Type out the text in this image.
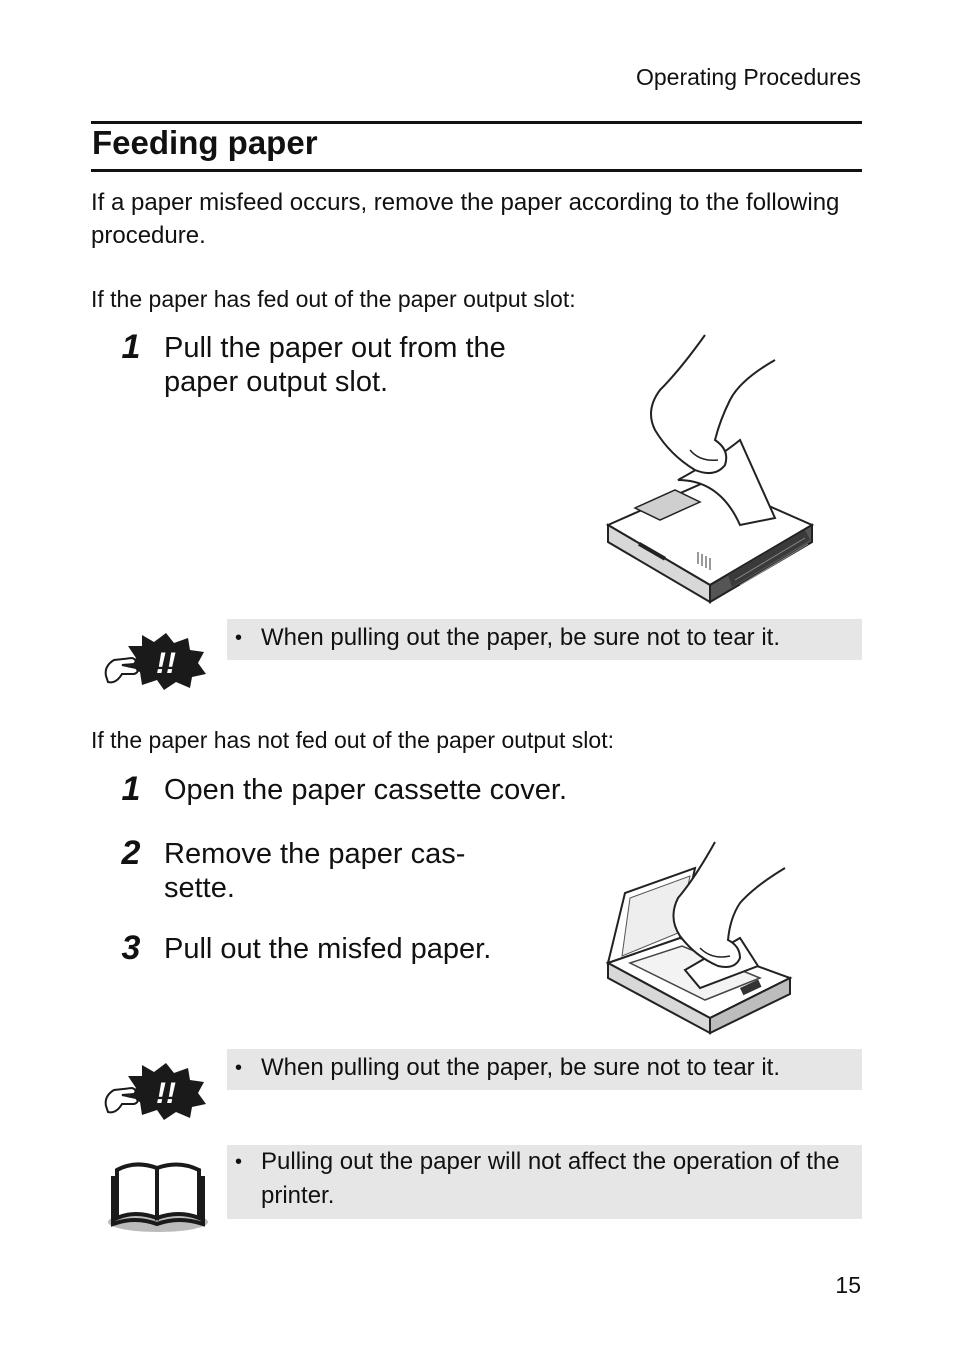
Operating Procedures
Feeding paper
If a paper misfeed occurs, remove the paper according to the following procedure.
If the paper has fed out of the paper output slot:
1 Pull the paper out from the paper output slot.
!!
• When pulling out the paper, be sure not to tear it.
If the paper has not fed out of the paper output slot:
1 Open the paper cassette cover.
2 Remove the paper cas-sette.
3 Pull out the misfed paper.
!!
• When pulling out the paper, be sure not to tear it.
• Pulling out the paper will not affect the operation of the printer.
15
